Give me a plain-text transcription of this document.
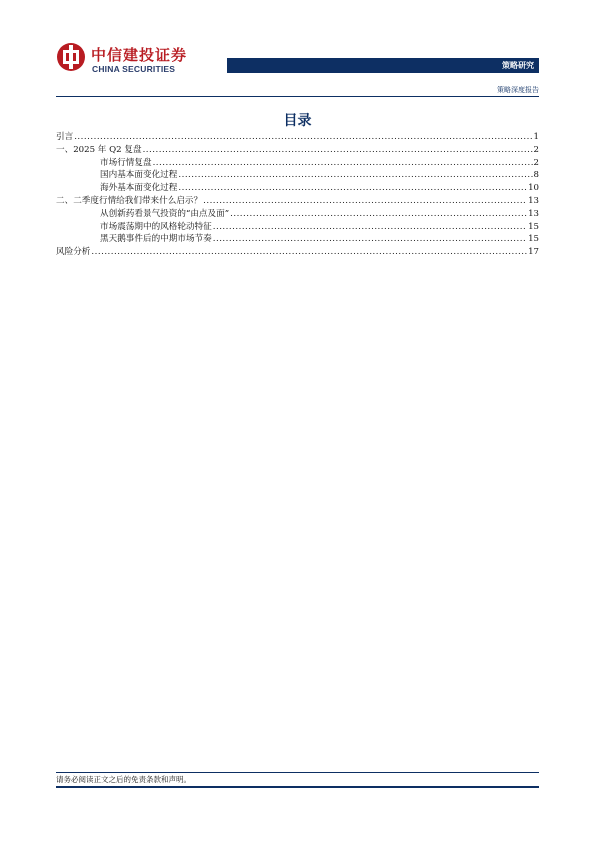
中信建投证券
CHINA SECURITIES	策略研究
策略深度报告
目录
引言 .....	1
一、2025 年 Q2 复盘 .....	2
市场行情复盘 .....	2
国内基本面变化过程 .....	8
海外基本面变化过程 .....	10
二、二季度行情给我们带来什么启示？ .....	13
从创新药看景气投资的“由点及面” .....	13
市场震荡期中的风格轮动特征 .....	15
黑天鹅事件后的中期市场节奏 .....	15
风险分析 .....	17
请务必阅读正文之后的免责条款和声明。
